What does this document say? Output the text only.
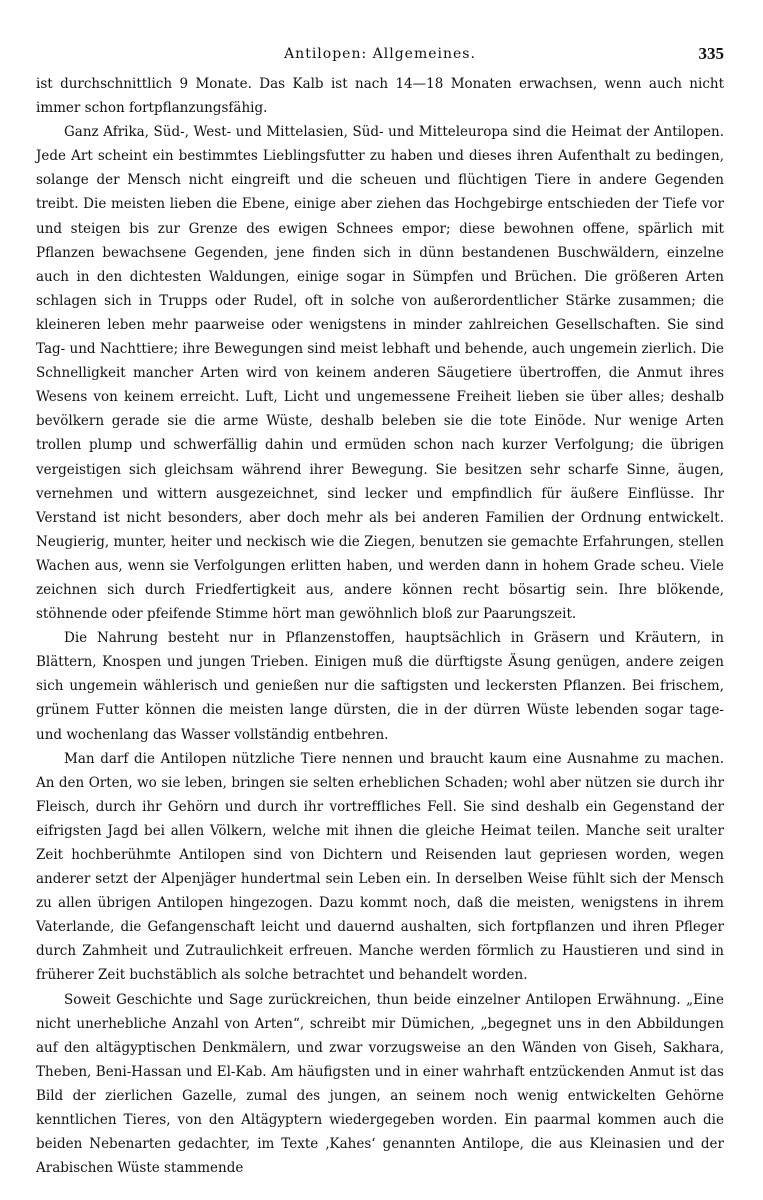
Antilopen: Allgemeines.	335

ist durchschnittlich 9 Monate. Das Kalb ist nach 14—18 Monaten erwachsen, wenn auch nicht immer schon fortpflanzungsfähig.

Ganz Afrika, Süd-, West- und Mittelasien, Süd- und Mitteleuropa sind die Heimat der Antilopen. Jede Art scheint ein bestimmtes Lieblingsfutter zu haben und dieses ihren Aufenthalt zu bedingen, solange der Mensch nicht eingreift und die scheuen und flüchtigen Tiere in andere Gegenden treibt. Die meisten lieben die Ebene, einige aber ziehen das Hochgebirge entschieden der Tiefe vor und steigen bis zur Grenze des ewigen Schnees empor; diese bewohnen offene, spärlich mit Pflanzen bewachsene Gegenden, jene finden sich in dünn bestandenen Buschwäldern, einzelne auch in den dichtesten Waldungen, einige sogar in Sümpfen und Brüchen. Die größeren Arten schlagen sich in Trupps oder Rudel, oft in solche von außerordentlicher Stärke zusammen; die kleineren leben mehr paarweise oder wenigstens in minder zahlreichen Gesellschaften. Sie sind Tag- und Nachttiere; ihre Bewegungen sind meist lebhaft und behende, auch ungemein zierlich. Die Schnelligkeit mancher Arten wird von keinem anderen Säugetiere übertroffen, die Anmut ihres Wesens von keinem erreicht. Luft, Licht und ungemessene Freiheit lieben sie über alles; deshalb bevölkern gerade sie die arme Wüste, deshalb beleben sie die tote Einöde. Nur wenige Arten trollen plump und schwerfällig dahin und ermüden schon nach kurzer Verfolgung; die übrigen vergeistigen sich gleichsam während ihrer Bewegung. Sie besitzen sehr scharfe Sinne, äugen, vernehmen und wittern ausgezeichnet, sind lecker und empfindlich für äußere Einflüsse. Ihr Verstand ist nicht besonders, aber doch mehr als bei anderen Familien der Ordnung entwickelt. Neugierig, munter, heiter und neckisch wie die Ziegen, benutzen sie gemachte Erfahrungen, stellen Wachen aus, wenn sie Verfolgungen erlitten haben, und werden dann in hohem Grade scheu. Viele zeichnen sich durch Friedfertigkeit aus, andere können recht bösartig sein. Ihre blökende, stöhnende oder pfeifende Stimme hört man gewöhnlich bloß zur Paarungszeit.

Die Nahrung besteht nur in Pflanzenstoffen, hauptsächlich in Gräsern und Kräutern, in Blättern, Knospen und jungen Trieben. Einigen muß die dürftigste Äsung genügen, andere zeigen sich ungemein wählerisch und genießen nur die saftigsten und leckersten Pflanzen. Bei frischem, grünem Futter können die meisten lange dürsten, die in der dürren Wüste lebenden sogar tage- und wochenlang das Wasser vollständig entbehren.

Man darf die Antilopen nützliche Tiere nennen und braucht kaum eine Ausnahme zu machen. An den Orten, wo sie leben, bringen sie selten erheblichen Schaden; wohl aber nützen sie durch ihr Fleisch, durch ihr Gehörn und durch ihr vortreffliches Fell. Sie sind deshalb ein Gegenstand der eifrigsten Jagd bei allen Völkern, welche mit ihnen die gleiche Heimat teilen. Manche seit uralter Zeit hochberühmte Antilopen sind von Dichtern und Reisenden laut gepriesen worden, wegen anderer setzt der Alpenjäger hundertmal sein Leben ein. In derselben Weise fühlt sich der Mensch zu allen übrigen Antilopen hingezogen. Dazu kommt noch, daß die meisten, wenigstens in ihrem Vaterlande, die Gefangenschaft leicht und dauernd aushalten, sich fortpflanzen und ihren Pfleger durch Zahmheit und Zutraulichkeit erfreuen. Manche werden förmlich zu Haustieren und sind in früherer Zeit buchstäblich als solche betrachtet und behandelt worden.

Soweit Geschichte und Sage zurückreichen, thun beide einzelner Antilopen Erwähnung. „Eine nicht unerhebliche Anzahl von Arten“, schreibt mir Dümichen, „begegnet uns in den Abbildungen auf den altägyptischen Denkmälern, und zwar vorzugsweise an den Wänden von Giseh, Sakhara, Theben, Beni-Hassan und El-Kab. Am häufigsten und in einer wahrhaft entzückenden Anmut ist das Bild der zierlichen Gazelle, zumal des jungen, an seinem noch wenig entwickelten Gehörne kenntlichen Tieres, von den Altägyptern wiedergegeben worden. Ein paarmal kommen auch die beiden Nebenarten gedachter, im Texte ‚Kahes‘ genannten Antilope, die aus Kleinasien und der Arabischen Wüste stammende
